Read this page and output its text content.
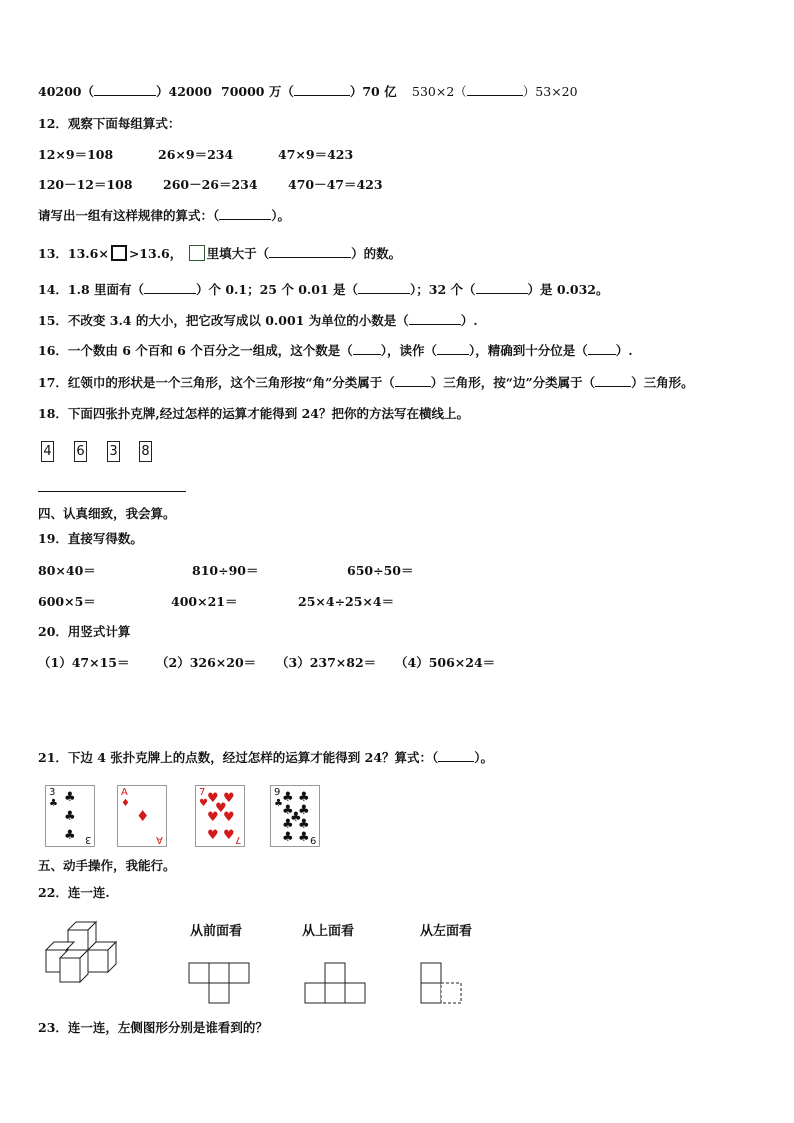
40200（	）42000 70000 万（	）70 亿 530×2（	）53×20
12．观察下面每组算式：
12×9＝108	26×9＝234	47×9＝423
120－12＝108 260－26＝234 470－47＝423
请写出一组有这样规律的算式：（	）。
13．13.6× >13.6， 里填大于（	）的数。
14．1.8 里面有（	）个 0.1；25 个 0.01 是（	）；32 个（	）是 0.032。
15．不改变 3.4 的大小，把它改写成以 0.001 为单位的小数是（	）.
16．一个数由 6 个百和 6 个百分之一组成，这个数是（ ），读作（	），精确到十分位是（ ）.
17．红领巾的形状是一个三角形，这个三角形按“角”分类属于（	）三角形，按“边”分类属于（	）三角形。
18．下面四张扑克牌,经过怎样的运算才能得到 24？把你的方法写在横线上。
4 6 3 8
四、认真细致，我会算。
19．直接写得数。
80×40＝	810÷90＝	650÷50＝
600×5＝	400×21＝	25×4÷25×4＝
20．用竖式计算
（1）47×15＝ （2）326×20＝ （3）237×82＝ （4）506×24＝
21．下边 4 张扑克牌上的点数，经过怎样的运算才能得到 24？算式：（	）。
3
♣ ♣
♣
♣ 3
A
♦
♦
A
7
♥ ♥ ♥
♥
♥ ♥
♥ ♥ 7
9
♣ ♣ ♣
♣ ♣
♣
♣ ♣
♣ ♣ 9
五、动手操作，我能行。
22．连一连.
从前面看	从上面看	从左面看
23．连一连，左侧图形分别是谁看到的？
